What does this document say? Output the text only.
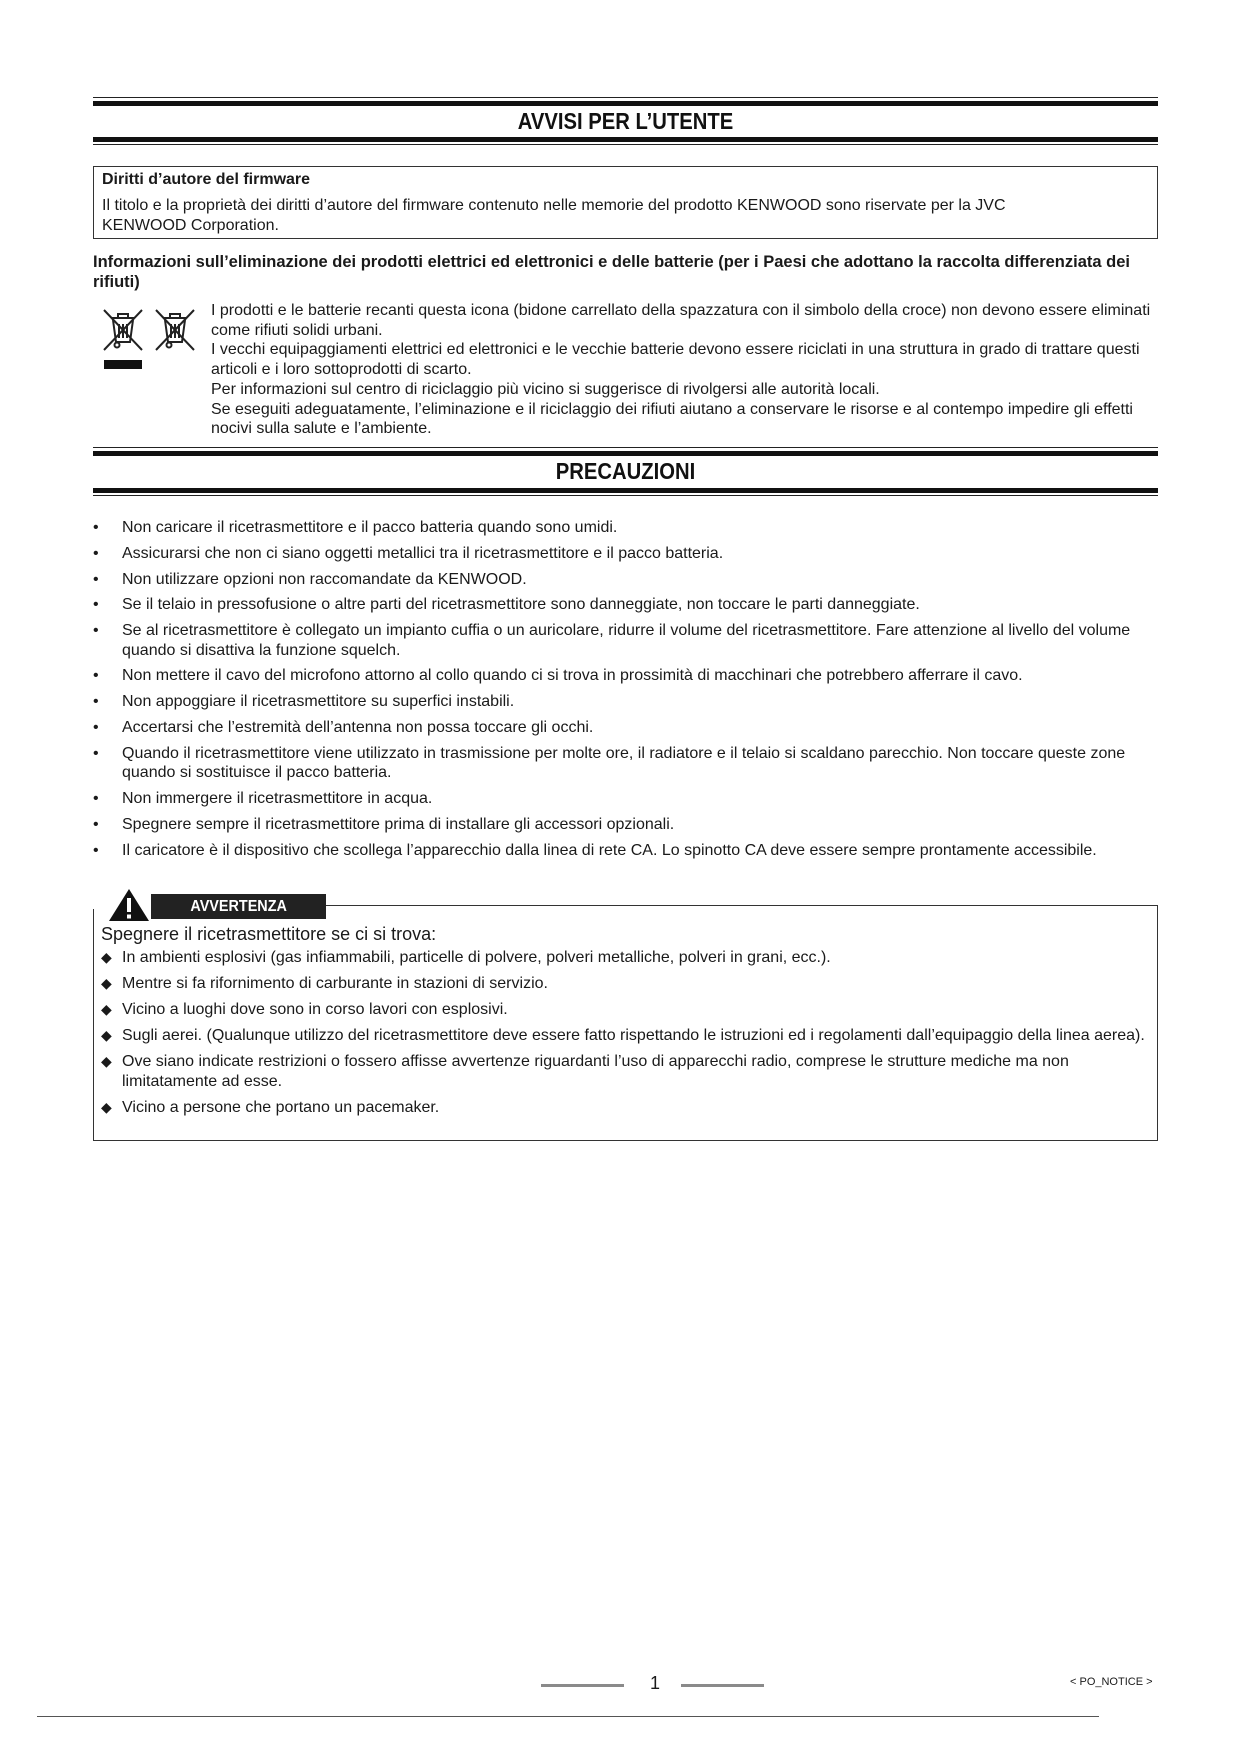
AVVISI PER L’UTENTE
Diritti d’autore del firmware
Il titolo e la proprietà dei diritti d’autore del firmware contenuto nelle memorie del prodotto KENWOOD sono riservate per la JVC KENWOOD Corporation.
Informazioni sull’eliminazione dei prodotti elettrici ed elettronici e delle batterie (per i Paesi che adottano la raccolta differenziata dei rifiuti)

I prodotti e le batterie recanti questa icona (bidone carrellato della spazzatura con il simbolo della croce) non devono essere eliminati come rifiuti solidi urbani.

I vecchi equipaggiamenti elettrici ed elettronici e le vecchie batterie devono essere riciclati in una struttura in grado di trattare questi articoli e i loro sottoprodotti di scarto.

Per informazioni sul centro di riciclaggio più vicino si suggerisce di rivolgersi alle autorità locali.

Se eseguiti adeguatamente, l’eliminazione e il riciclaggio dei rifiuti aiutano a conservare le risorse e al contempo impedire gli effetti nocivi sulla salute e l’ambiente.

PRECAUZIONI
• Non caricare il ricetrasmettitore e il pacco batteria quando sono umidi.
• Assicurarsi che non ci siano oggetti metallici tra il ricetrasmettitore e il pacco batteria.
• Non utilizzare opzioni non raccomandate da KENWOOD.
• Se il telaio in pressofusione o altre parti del ricetrasmettitore sono danneggiate, non toccare le parti danneggiate.
• Se al ricetrasmettitore è collegato un impianto cuffia o un auricolare, ridurre il volume del ricetrasmettitore. Fare attenzione al livello del volume quando si disattiva la funzione squelch.
• Non mettere il cavo del microfono attorno al collo quando ci si trova in prossimità di macchinari che potrebbero afferrare il cavo.
• Non appoggiare il ricetrasmettitore su superfici instabili.
• Accertarsi che l’estremità dell’antenna non possa toccare gli occhi.
• Quando il ricetrasmettitore viene utilizzato in trasmissione per molte ore, il radiatore e il telaio si scaldano parecchio. Non toccare queste zone quando si sostituisce il pacco batteria.
• Non immergere il ricetrasmettitore in acqua.
• Spegnere sempre il ricetrasmettitore prima di installare gli accessori opzionali.
• Il caricatore è il dispositivo che scollega l’apparecchio dalla linea di rete CA. Lo spinotto CA deve essere sempre prontamente accessibile.
AVVERTENZA
Spegnere il ricetrasmettitore se ci si trova:
◆ In ambienti esplosivi (gas infiammabili, particelle di polvere, polveri metalliche, polveri in grani, ecc.).
◆ Mentre si fa rifornimento di carburante in stazioni di servizio.
◆ Vicino a luoghi dove sono in corso lavori con esplosivi.
◆ Sugli aerei. (Qualunque utilizzo del ricetrasmettitore deve essere fatto rispettando le istruzioni ed i regolamenti dall’equipaggio della linea aerea).
◆ Ove siano indicate restrizioni o fossero affisse avvertenze riguardanti l’uso di apparecchi radio, comprese le strutture mediche ma non limitatamente ad esse.
◆ Vicino a persone che portano un pacemaker.
1	< PO_NOTICE >
